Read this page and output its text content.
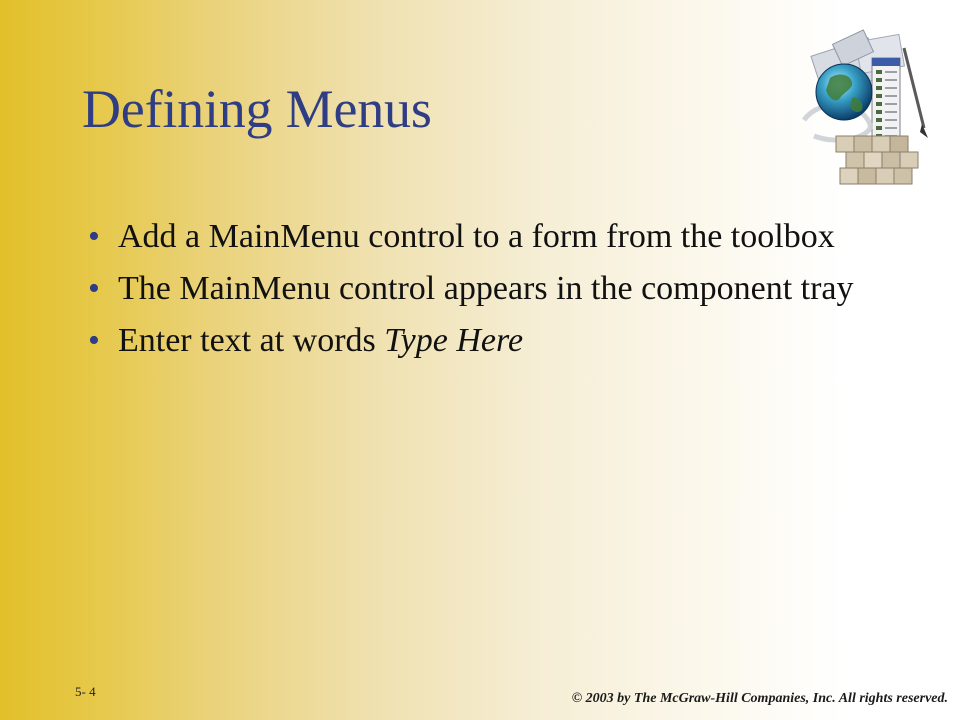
Defining Menus
• Add a MainMenu control to a form from the toolbox
• The MainMenu control appears in the component tray
• Enter text at words Type Here
5- 4	© 2003 by The McGraw-Hill Companies, Inc. All rights reserved.
